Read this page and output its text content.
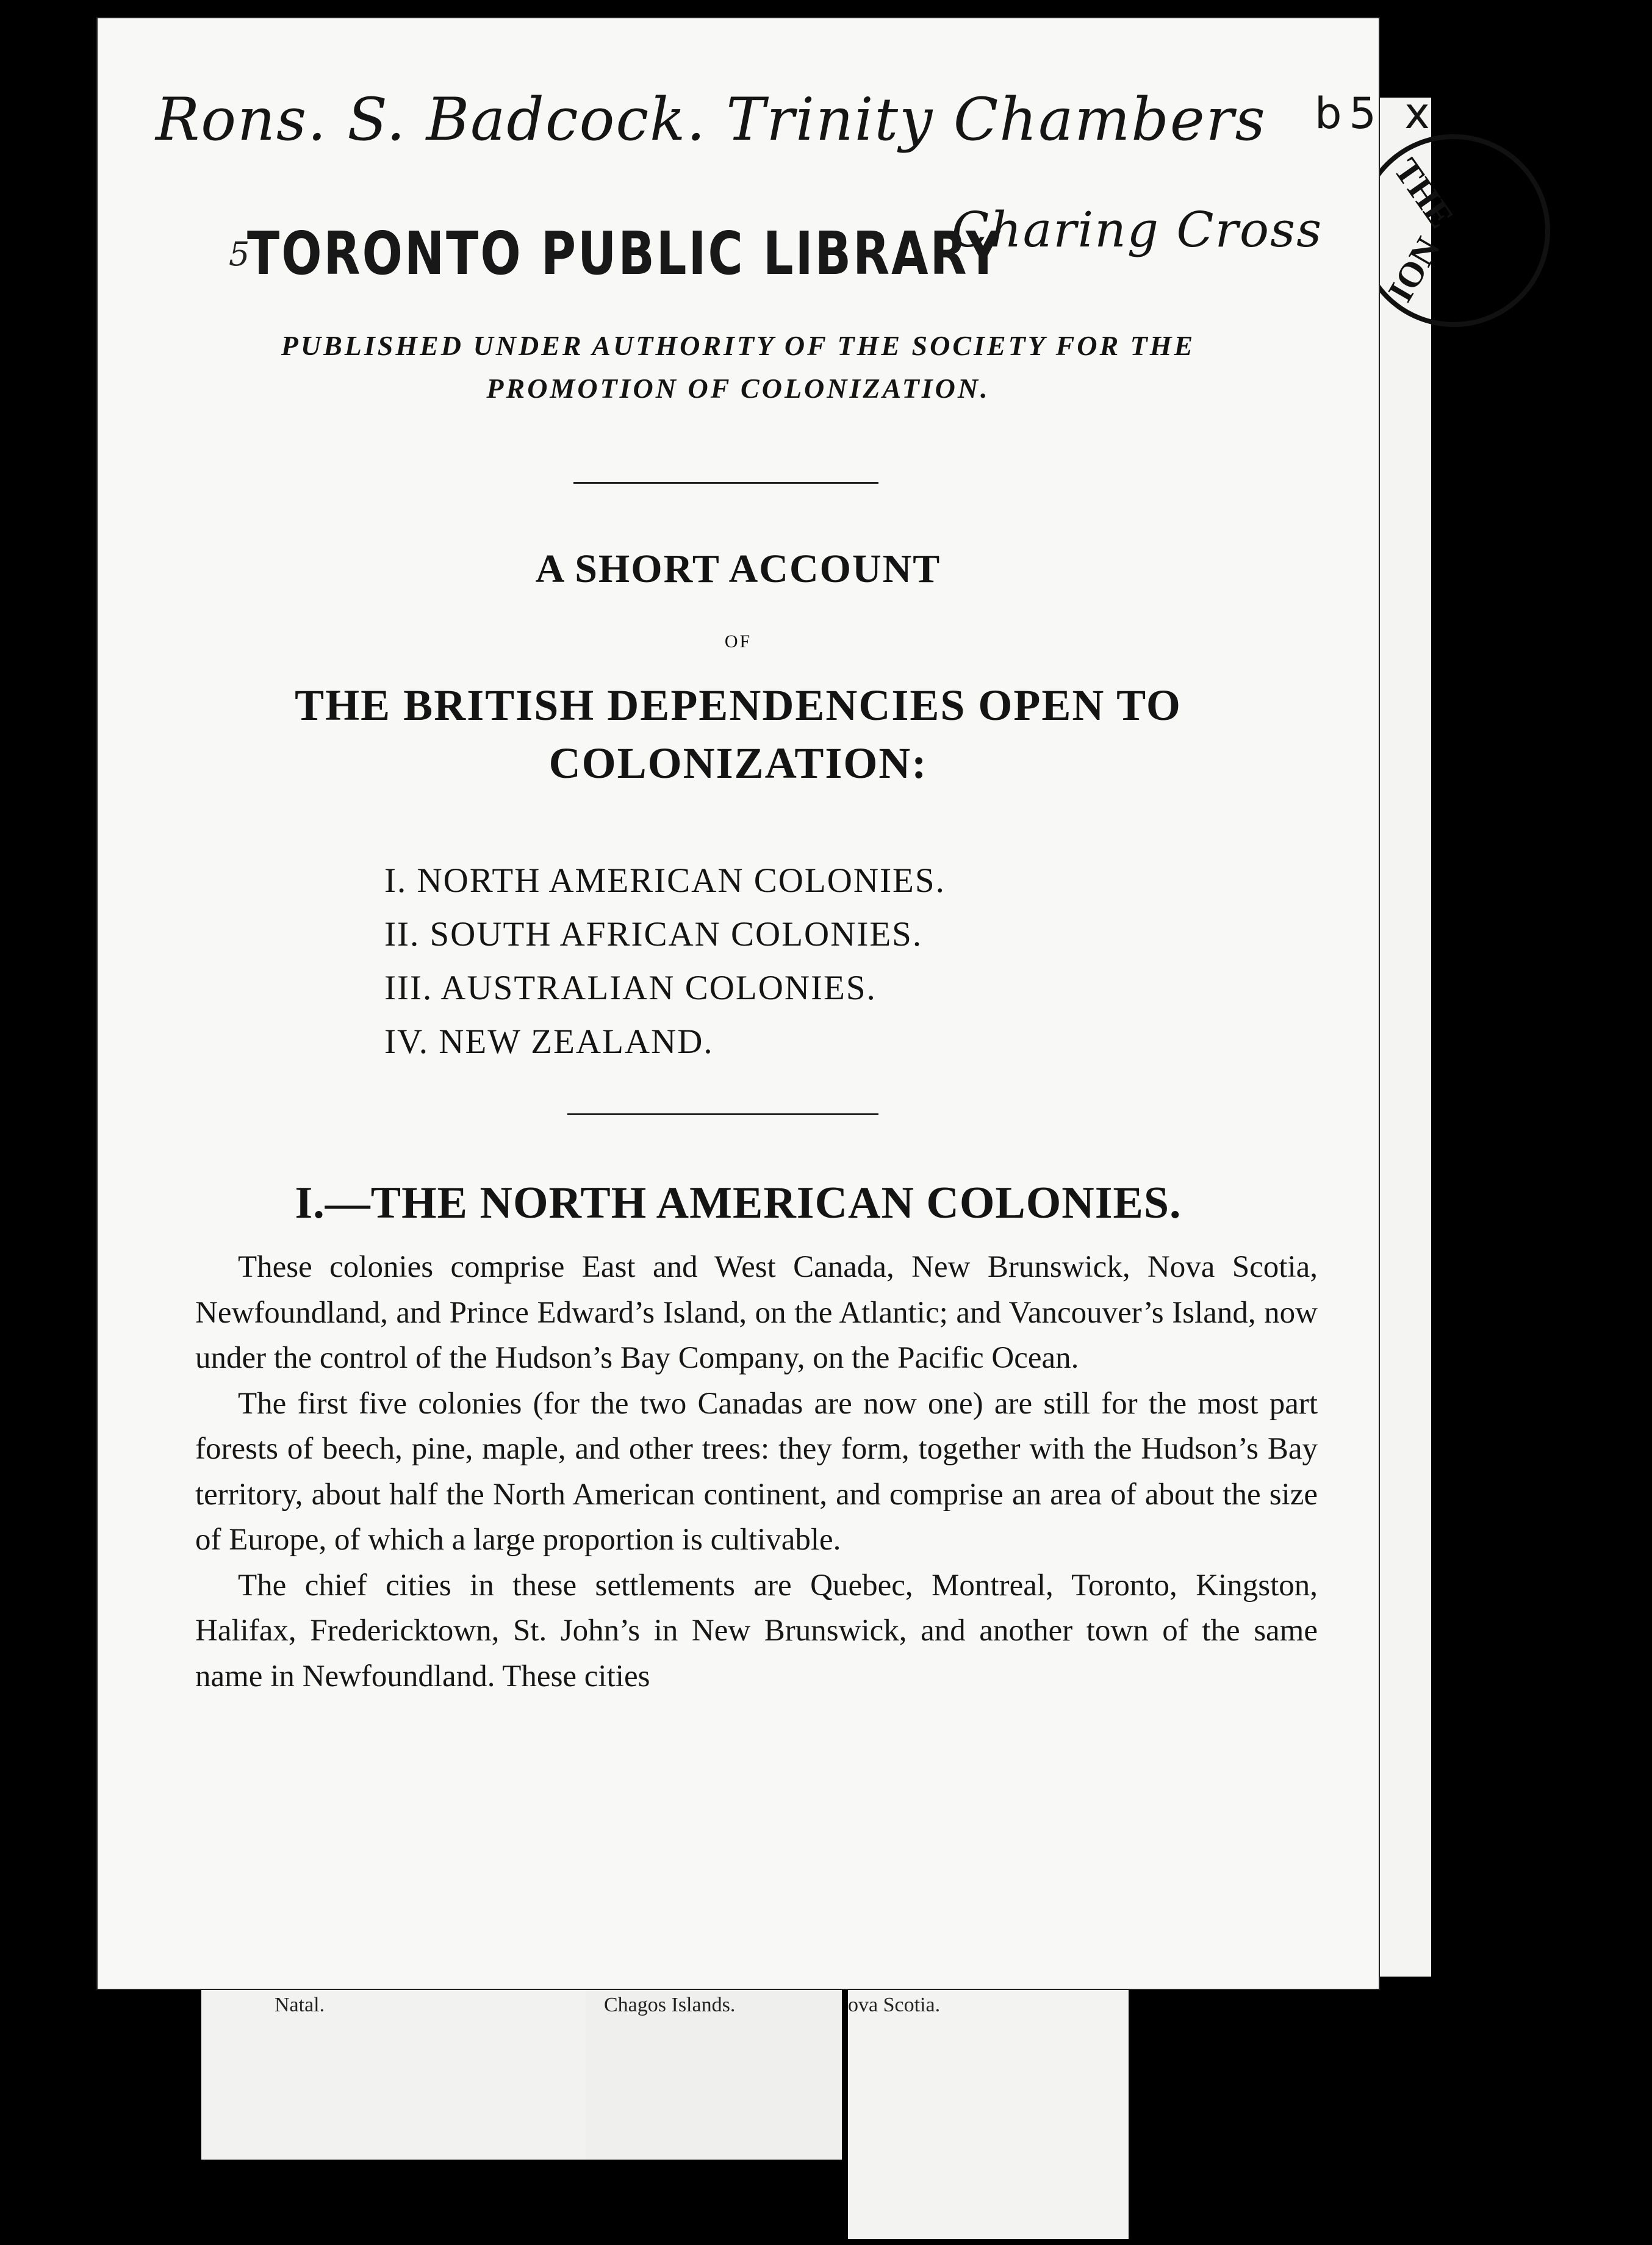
THE
ION
Natal.	Chagos Islands.	ova Scotia.
Rons. S. Badcock. Trinity Chambers
Charing Cross
b5 x
5
TORONTO PUBLIC LIBRARY
PUBLISHED UNDER AUTHORITY OF THE SOCIETY FOR THE
PROMOTION OF COLONIZATION.
A SHORT ACCOUNT
OF
THE BRITISH DEPENDENCIES OPEN TO
COLONIZATION:
I. NORTH AMERICAN COLONIES.
II. SOUTH AFRICAN COLONIES.
III. AUSTRALIAN COLONIES.
IV. NEW ZEALAND.
I.—THE NORTH AMERICAN COLONIES.

These colonies comprise East and West Canada, New Brunswick, Nova Scotia, Newfoundland, and Prince Edward’s Island, on the Atlantic; and Vancouver’s Island, now under the control of the Hudson’s Bay Company, on the Pacific Ocean.

The first five colonies (for the two Canadas are now one) are still for the most part forests of beech, pine, maple, and other trees: they form, together with the Hudson’s Bay territory, about half the North American continent, and comprise an area of about the size of Europe, of which a large proportion is cultivable.

The chief cities in these settlements are Quebec, Montreal, Toronto, Kingston, Halifax, Fredericktown, St. John’s in New Brunswick, and another town of the same name in Newfoundland. These cities
